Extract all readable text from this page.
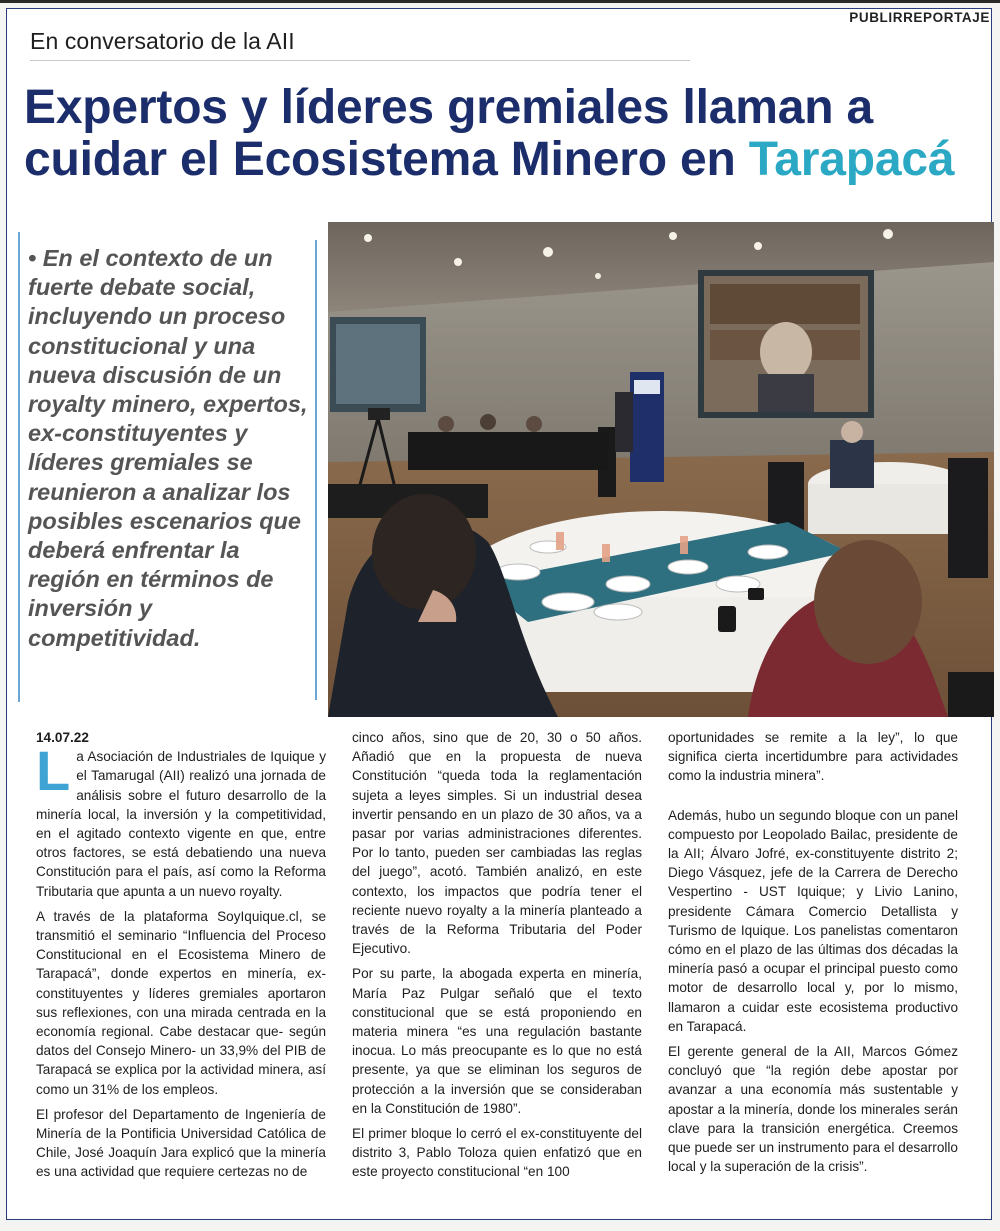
En conversatorio de la AII
PUBLIRREPORTAJE
Expertos y líderes gremiales llaman a
cuidar el Ecosistema Minero en Tarapacá

• En el contexto de un fuerte debate social, incluyendo un proceso constitucional y una nueva discusión de un royalty minero, expertos, ex-constituyentes y líderes gremiales se reunieron a analizar los posibles escenarios que deberá enfrentar la región en términos de inversión y competitividad.

14.07.22

La Asociación de Industriales de Iquique y el Tamarugal (AII) realizó una jornada de análisis sobre el futuro desarrollo de la minería local, la inversión y la competitividad, en el agitado contexto vigente en que, entre otros factores, se está debatiendo una nueva Constitución para el país, así como la Reforma Tributaria que apunta a un nuevo royalty.

A través de la plataforma SoyIquique.cl, se transmitió el seminario “Influencia del Proceso Constitucional en el Ecosistema Minero de Tarapacá”, donde expertos en minería, ex-constituyentes y líderes gremiales aportaron sus reflexiones, con una mirada centrada en la economía regional. Cabe destacar que- según datos del Consejo Minero- un 33,9% del PIB de Tarapacá se explica por la actividad minera, así como un 31% de los empleos.

El profesor del Departamento de Ingeniería de Minería de la Pontificia Universidad Católica de Chile, José Joaquín Jara explicó que la minería es una actividad que requiere certezas no de

cinco años, sino que de 20, 30 o 50 años. Añadió que en la propuesta de nueva Constitución “queda toda la reglamentación sujeta a leyes simples. Si un industrial desea invertir pensando en un plazo de 30 años, va a pasar por varias administraciones diferentes. Por lo tanto, pueden ser cambiadas las reglas del juego”, acotó. También analizó, en este contexto, los impactos que podría tener el reciente nuevo royalty a la minería planteado a través de la Reforma Tributaria del Poder Ejecutivo.

Por su parte, la abogada experta en minería, María Paz Pulgar señaló que el texto constitucional que se está proponiendo en materia minera “es una regulación bastante inocua. Lo más preocupante es lo que no está presente, ya que se eliminan los seguros de protección a la inversión que se consideraban en la Constitución de 1980”.

El primer bloque lo cerró el ex-constituyente del distrito 3, Pablo Toloza quien enfatizó que en este proyecto constitucional “en 100

oportunidades se remite a la ley”, lo que significa cierta incertidumbre para actividades como la industria minera”.

Además, hubo un segundo bloque con un panel compuesto por Leopolado Bailac, presidente de la AII; Álvaro Jofré, ex-constituyente distrito 2; Diego Vásquez, jefe de la Carrera de Derecho Vespertino - UST Iquique; y Livio Lanino, presidente Cámara Comercio Detallista y Turismo de Iquique. Los panelistas comentaron cómo en el plazo de las últimas dos décadas la minería pasó a ocupar el principal puesto como motor de desarrollo local y, por lo mismo, llamaron a cuidar este ecosistema productivo en Tarapacá.

El gerente general de la AII, Marcos Gómez concluyó que “la región debe apostar por avanzar a una economía más sustentable y apostar a la minería, donde los minerales serán clave para la transición energética. Creemos que puede ser un instrumento para el desarrollo local y la superación de la crisis”.
